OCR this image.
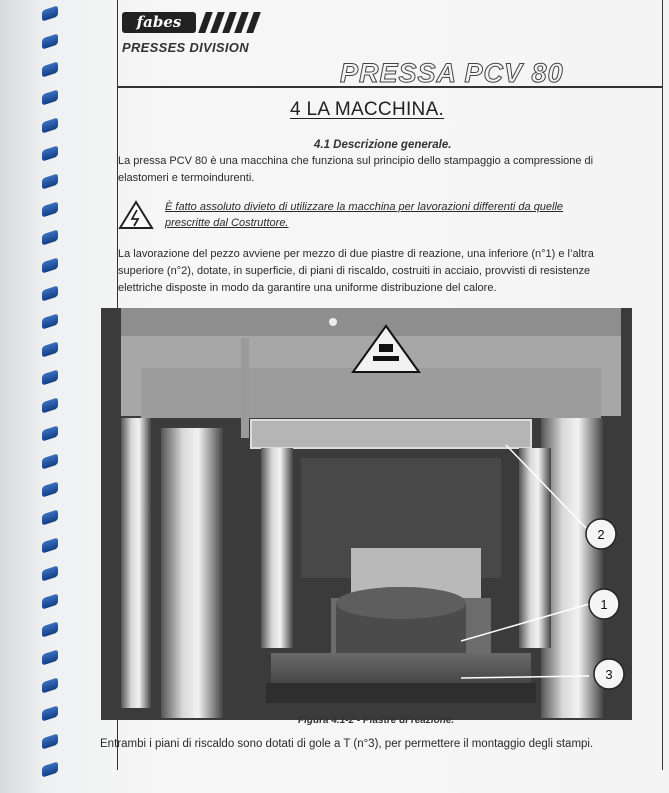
fabes
PRESSES DIVISION
PRESSA PCV 80
4 LA MACCHINA.
4.1 Descrizione generale.
La pressa PCV 80 è una macchina che funziona sul principio dello stampaggio a compressione di
elastomeri e termoindurenti.
È fatto assoluto divieto di utilizzare la macchina per lavorazioni differenti da quelle
prescritte dal Costruttore.
La lavorazione del pezzo avviene per mezzo di due piastre di reazione, una inferiore (n°1) e l’altra
superiore (n°2), dotate, in superficie, di piani di riscaldo, costruiti in acciaio, provvisti di resistenze
elettriche disposte in modo da garantire una uniforme distribuzione del calore.
2
1
3
Figura 4.1-2 - Piastre di reazione.
Entrambi i piani di riscaldo sono dotati di gole a T (n°3), per permettere il montaggio degli stampi.
